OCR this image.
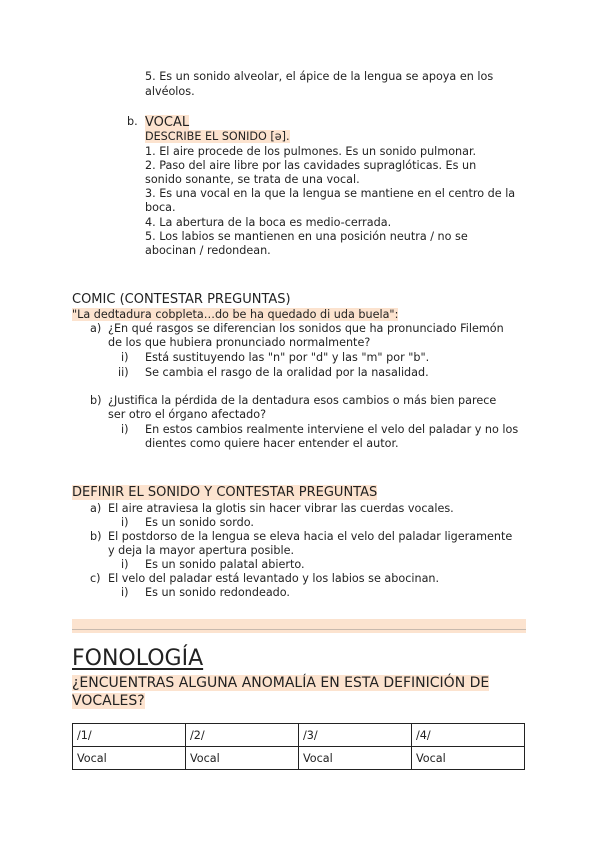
5. Es un sonido alveolar, el ápice de la lengua se apoya en los

alvéolos.

b. VOCAL

DESCRIBE EL SONIDO [ə].

1. El aire procede de los pulmones. Es un sonido pulmonar.

2. Paso del aire libre por las cavidades supraglóticas. Es un

sonido sonante, se trata de una vocal.

3. Es una vocal en la que la lengua se mantiene en el centro de la

boca.

4. La abertura de la boca es medio-cerrada.

5. Los labios se mantienen en una posición neutra / no se

abocinan / redondean.

COMIC (CONTESTAR PREGUNTAS)

"La dedtadura cobpleta…do be ha quedado di uda buela":

a) ¿En qué rasgos se diferencian los sonidos que ha pronunciado Filemón

de los que hubiera pronunciado normalmente?

i) Está sustituyendo las "n" por "d" y las "m" por "b".

ii) Se cambia el rasgo de la oralidad por la nasalidad.

b) ¿Justifica la pérdida de la dentadura esos cambios o más bien parece

ser otro el órgano afectado?

i) En estos cambios realmente interviene el velo del paladar y no los

dientes como quiere hacer entender el autor.

DEFINIR EL SONIDO Y CONTESTAR PREGUNTAS

a) El aire atraviesa la glotis sin hacer vibrar las cuerdas vocales.

i) Es un sonido sordo.

b) El postdorso de la lengua se eleva hacia el velo del paladar ligeramente

y deja la mayor apertura posible.

i) Es un sonido palatal abierto.

c) El velo del paladar está levantado y los labios se abocinan.

i) Es un sonido redondeado.

FONOLOGÍA
¿ENCUENTRAS ALGUNA ANOMALÍA EN ESTA DEFINICIÓN DE
VOCALES?
/1/	/2/	/3/	/4/
Vocal	Vocal	Vocal	Vocal
